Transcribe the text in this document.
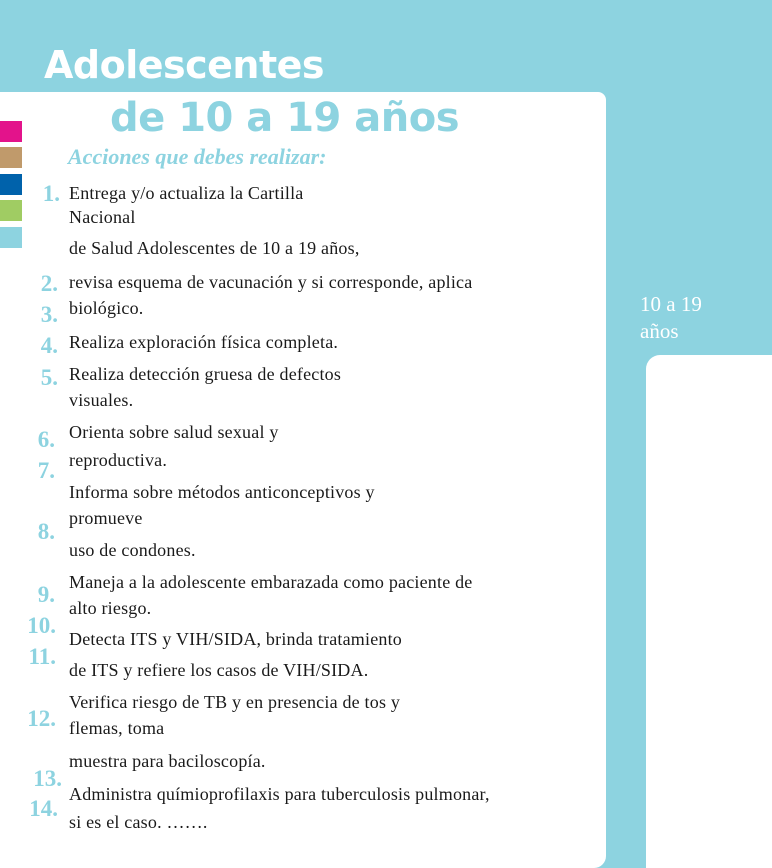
Adolescentes
de 10 a 19 años
Acciones que debes realizar:
10 a 19 años
1.
2.
3.
4.
5.
6.
7.
8.
9.
10.
11.
12.
13.
14.
Entrega y/o actualiza la Cartilla
Nacional
de Salud Adolescentes de 10 a 19 años,
revisa esquema de vacunación y si corresponde, aplica
biológico.
Realiza exploración física completa.
Realiza detección gruesa de defectos
visuales.
Orienta sobre salud sexual y
reproductiva.
Informa sobre métodos anticonceptivos y
promueve
uso de condones.
Maneja a la adolescente embarazada como paciente de
alto riesgo.
Detecta ITS y VIH/SIDA, brinda tratamiento
de ITS y refiere los casos de VIH/SIDA.
Verifica riesgo de TB y en presencia de tos y
flemas, toma
muestra para baciloscopía.
Administra químioprofilaxis para tuberculosis pulmonar,
si es el caso. …….
